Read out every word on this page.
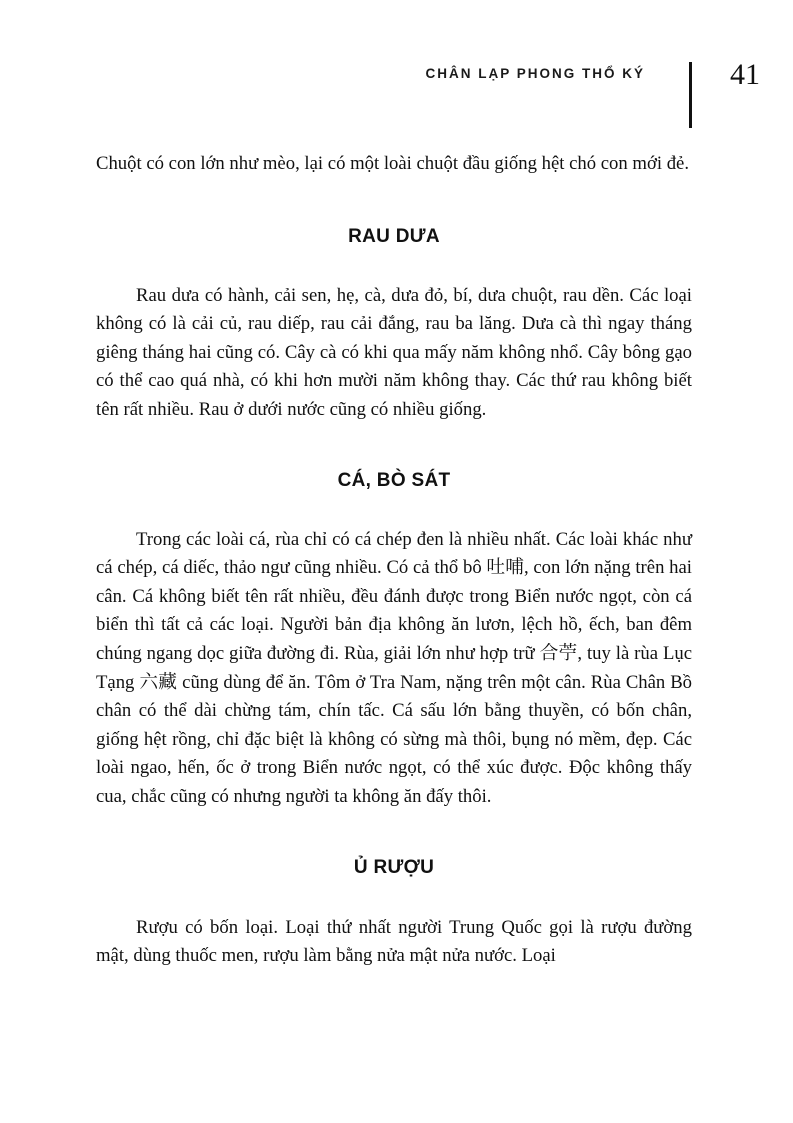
CHÂN LẠP PHONG THỔ KÝ	41

Chuột có con lớn như mèo, lại có một loài chuột đầu giống hệt chó con mới đẻ.

RAU DƯA

Rau dưa có hành, cải sen, hẹ, cà, dưa đỏ, bí, dưa chuột, rau dền. Các loại không có là cải củ, rau diếp, rau cải đắng, rau ba lăng. Dưa cà thì ngay tháng giêng tháng hai cũng có. Cây cà có khi qua mấy năm không nhổ. Cây bông gạo có thể cao quá nhà, có khi hơn mười năm không thay. Các thứ rau không biết tên rất nhiều. Rau ở dưới nước cũng có nhiều giống.

CÁ, BÒ SÁT

Trong các loài cá, rùa chỉ có cá chép đen là nhiều nhất. Các loài khác như cá chép, cá diếc, thảo ngư cũng nhiều. Có cả thổ bô 吐哺, con lớn nặng trên hai cân. Cá không biết tên rất nhiều, đều đánh được trong Biển nước ngọt, còn cá biển thì tất cả các loại. Người bản địa không ăn lươn, lệch hồ, ếch, ban đêm chúng ngang dọc giữa đường đi. Rùa, giải lớn như hợp trữ 合苧, tuy là rùa Lục Tạng 六藏 cũng dùng để ăn. Tôm ở Tra Nam, nặng trên một cân. Rùa Chân Bồ chân có thể dài chừng tám, chín tấc. Cá sấu lớn bằng thuyền, có bốn chân, giống hệt rồng, chỉ đặc biệt là không có sừng mà thôi, bụng nó mềm, đẹp. Các loài ngao, hến, ốc ở trong Biển nước ngọt, có thể xúc được. Độc không thấy cua, chắc cũng có nhưng người ta không ăn đấy thôi.

Ủ RƯỢU

Rượu có bốn loại. Loại thứ nhất người Trung Quốc gọi là rượu đường mật, dùng thuốc men, rượu làm bằng nửa mật nửa nước. Loại
